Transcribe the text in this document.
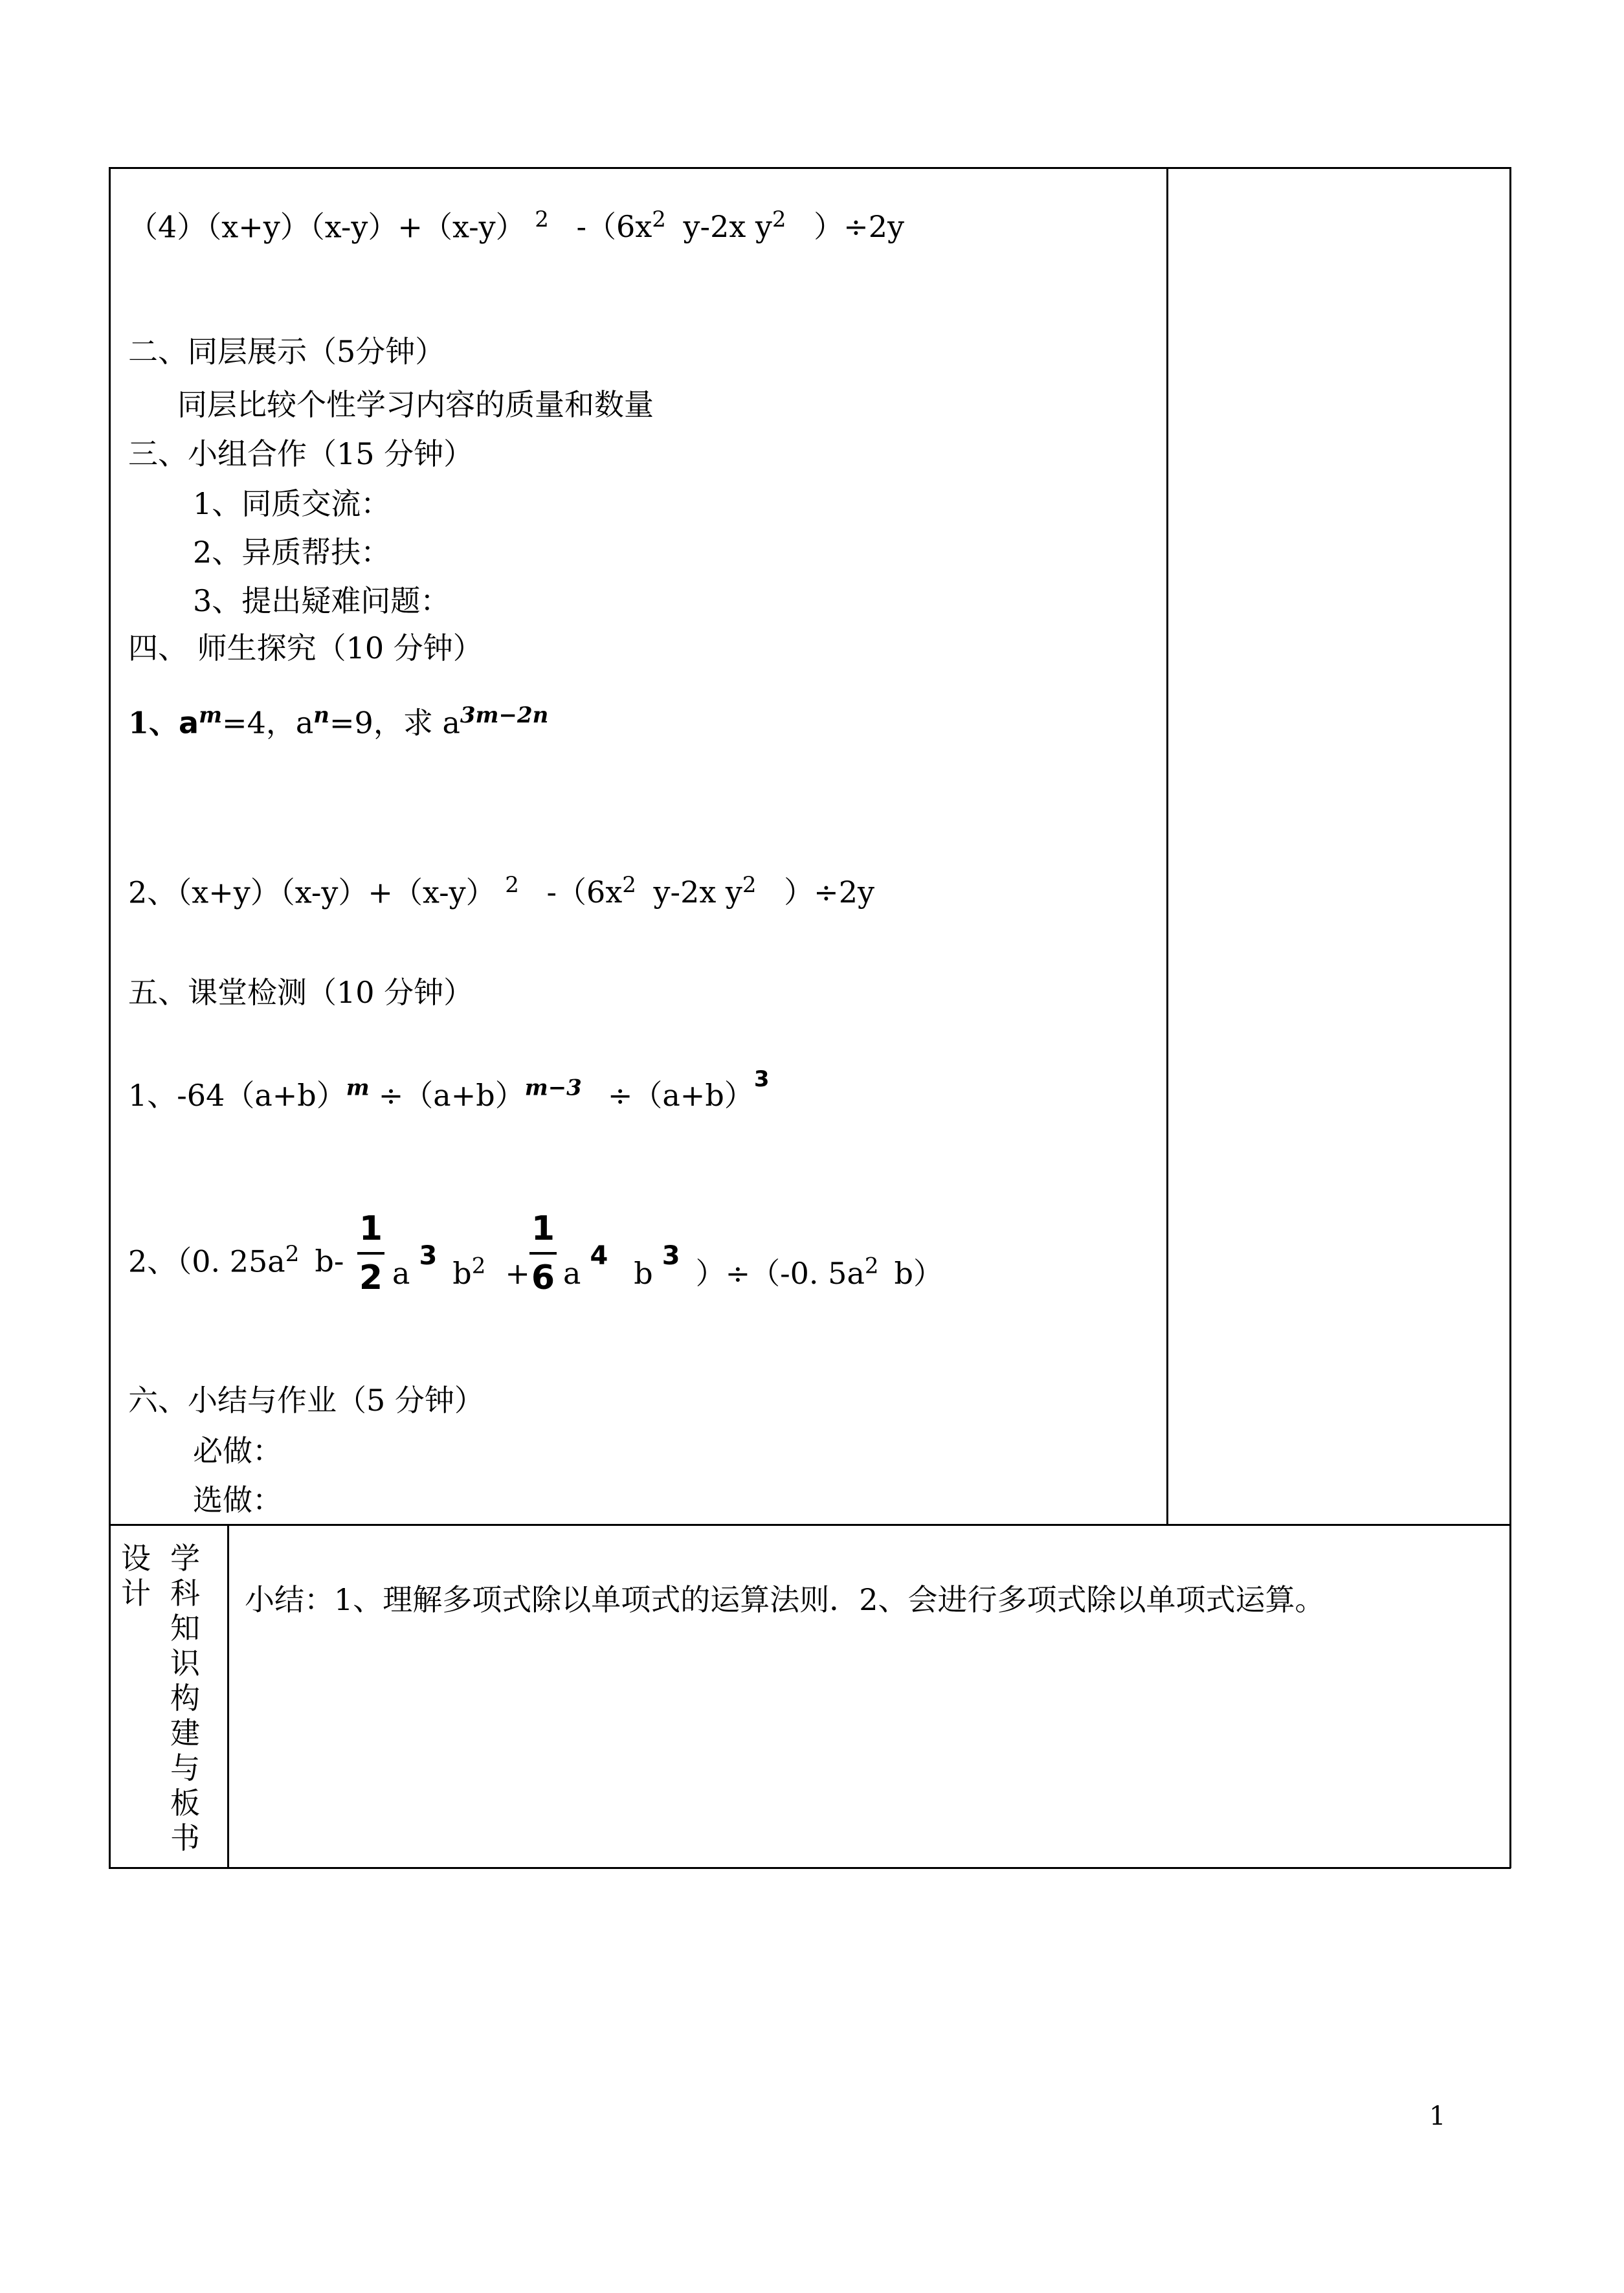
（4）（x+y）（x-y）+（x-y） $^2$ $-(6x^2$ y-2x $y^2$ ）÷2y
二、同层展示（5分钟）
同层比较个性学习内容的质量和数量
三、小组合作（15 分钟）
1、同质交流：
2、异质帮扶：
3、提出疑难问题：
四、 师生探究（10 分钟）
1、$a^m=4$，$a^n=9$，求 $a^{3m-2n}$
2、（x+y）（x-y）+（x-y） $^2$ $-(6x^2$ y-2x $y^2$ ）÷2y
五、课堂检测（10 分钟）
1、$-64(a+b)^m \div(a+b)^{m-3} \div(a+b)^3$
2、（0. $25a^2$ b-
1
2 a $^3$ $b^2$ +
1
6 a $^4$ b $^3$ ）÷（-0. $5a^2$ b）
六、小结与作业（5 分钟）
必做：
选做：
设
计
学
科
知
识
构
建
与
板
书
小结：1、理解多项式除以单项式的运算法则．2、会进行多项式除以单项式运算。
1
